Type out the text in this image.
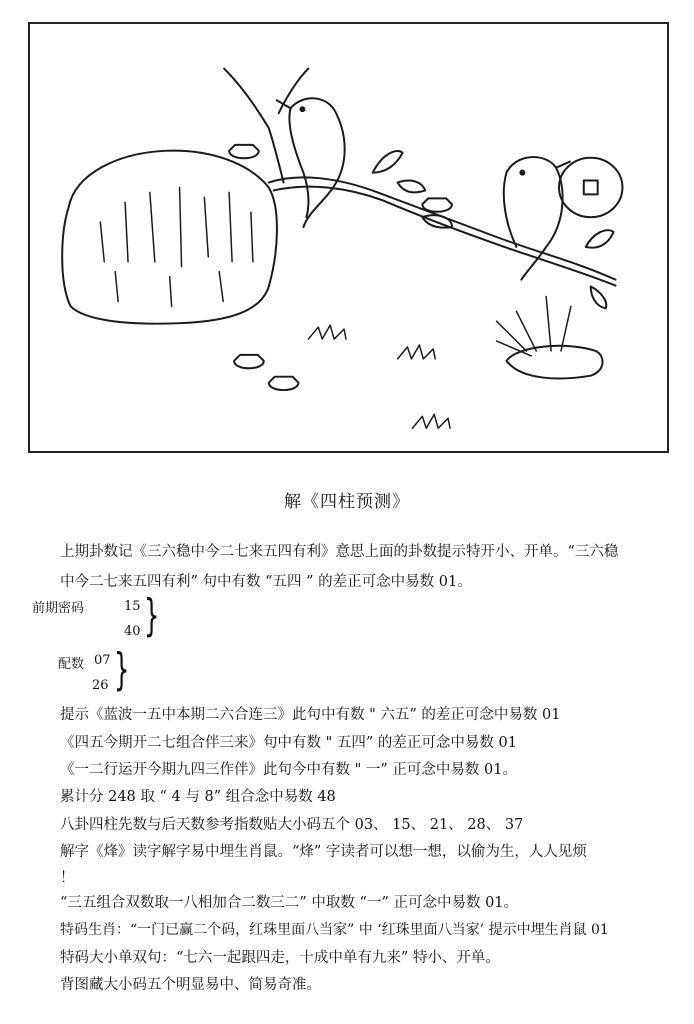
解《四柱预测》
上期卦数记《三六稳中今二七来五四有利》意思上面的卦数提示特开小、开单。“三六稳
中今二七来五四有利” 句中有数 “五四 ” 的差正可念中易数 01。
前期密码	15
40 }
配数 07
26 }
提示《蓝波一五中本期二六合连三》此句中有数 " 六五” 的差正可念中易数 01
《四五今期开二七组合伴三来》句中有数 " 五四” 的差正可念中易数 01
《一二行运开今期九四三作伴》此句今中有数 " 一” 正可念中易数 01。
累计分 248 取 “ 4 与 8” 组合念中易数 48
八卦四柱先数与后天数参考指数贴大小码五个 03、 15、 21、 28、 37
解字《烽》读字解字易中埋生肖鼠。“烽” 字读者可以想一想，以偷为生，人人见烦
！
“三五组合双数取一八相加合二数三二” 中取数 “一” 正可念中易数 01。
特码生肖：“一门已赢二个码，红珠里面八当家” 中 ‘红珠里面八当家’ 提示中埋生肖鼠 01
特码大小单双句：“七六一起跟四走，十成中单有九来” 特小、开单。
背图藏大小码五个明显易中、简易奇准。
